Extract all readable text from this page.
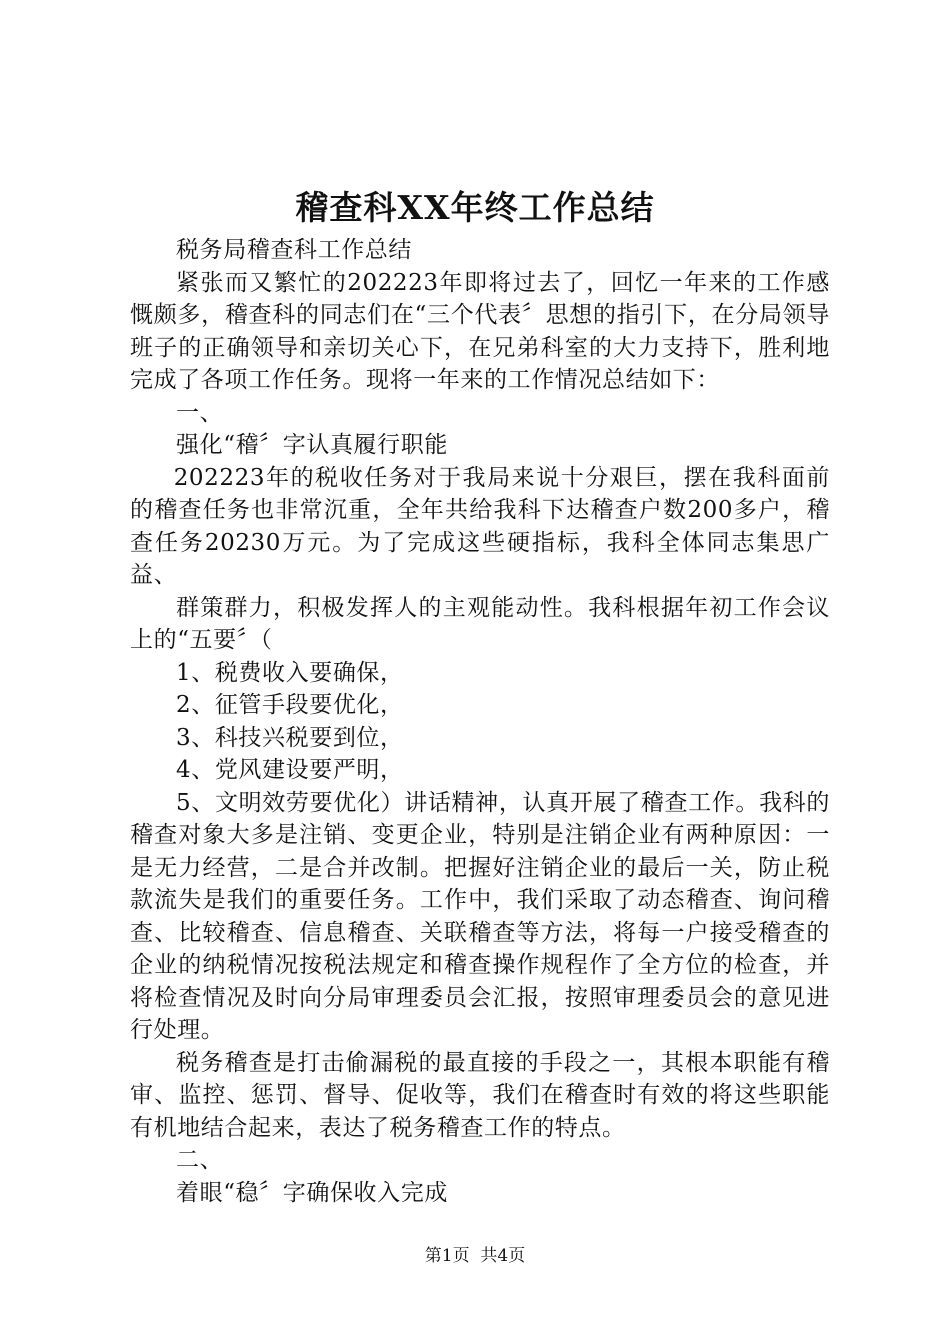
稽查科XX年终工作总结

税务局稽查科工作总结

紧张而又繁忙的202223年即将过去了，回忆一年来的工作感慨颇多，稽查科的同志们在“三个代表〞思想的指引下，在分局领导班子的正确领导和亲切关心下，在兄弟科室的大力支持下，胜利地完成了各项工作任务。现将一年来的工作情况总结如下：

一、

强化“稽〞字认真履行职能

202223年的税收任务对于我局来说十分艰巨，摆在我科面前的稽查任务也非常沉重，全年共给我科下达稽查户数200多户，稽查任务20230万元。为了完成这些硬指标，我科全体同志集思广益、

群策群力，积极发挥人的主观能动性。我科根据年初工作会议上的“五要〞（

1、税费收入要确保，

2、征管手段要优化，

3、科技兴税要到位，

4、党风建设要严明，

5、文明效劳要优化）讲话精神，认真开展了稽查工作。我科的稽查对象大多是注销、变更企业，特别是注销企业有两种原因：一是无力经营，二是合并改制。把握好注销企业的最后一关，防止税款流失是我们的重要任务。工作中，我们采取了动态稽查、询问稽查、比较稽查、信息稽查、关联稽查等方法，将每一户接受稽查的企业的纳税情况按税法规定和稽查操作规程作了全方位的检查，并将检查情况及时向分局审理委员会汇报，按照审理委员会的意见进行处理。

税务稽查是打击偷漏税的最直接的手段之一，其根本职能有稽审、监控、惩罚、督导、促收等，我们在稽查时有效的将这些职能有机地结合起来，表达了税务稽查工作的特点。

二、

着眼“稳〞字确保收入完成

第1页 共4页
